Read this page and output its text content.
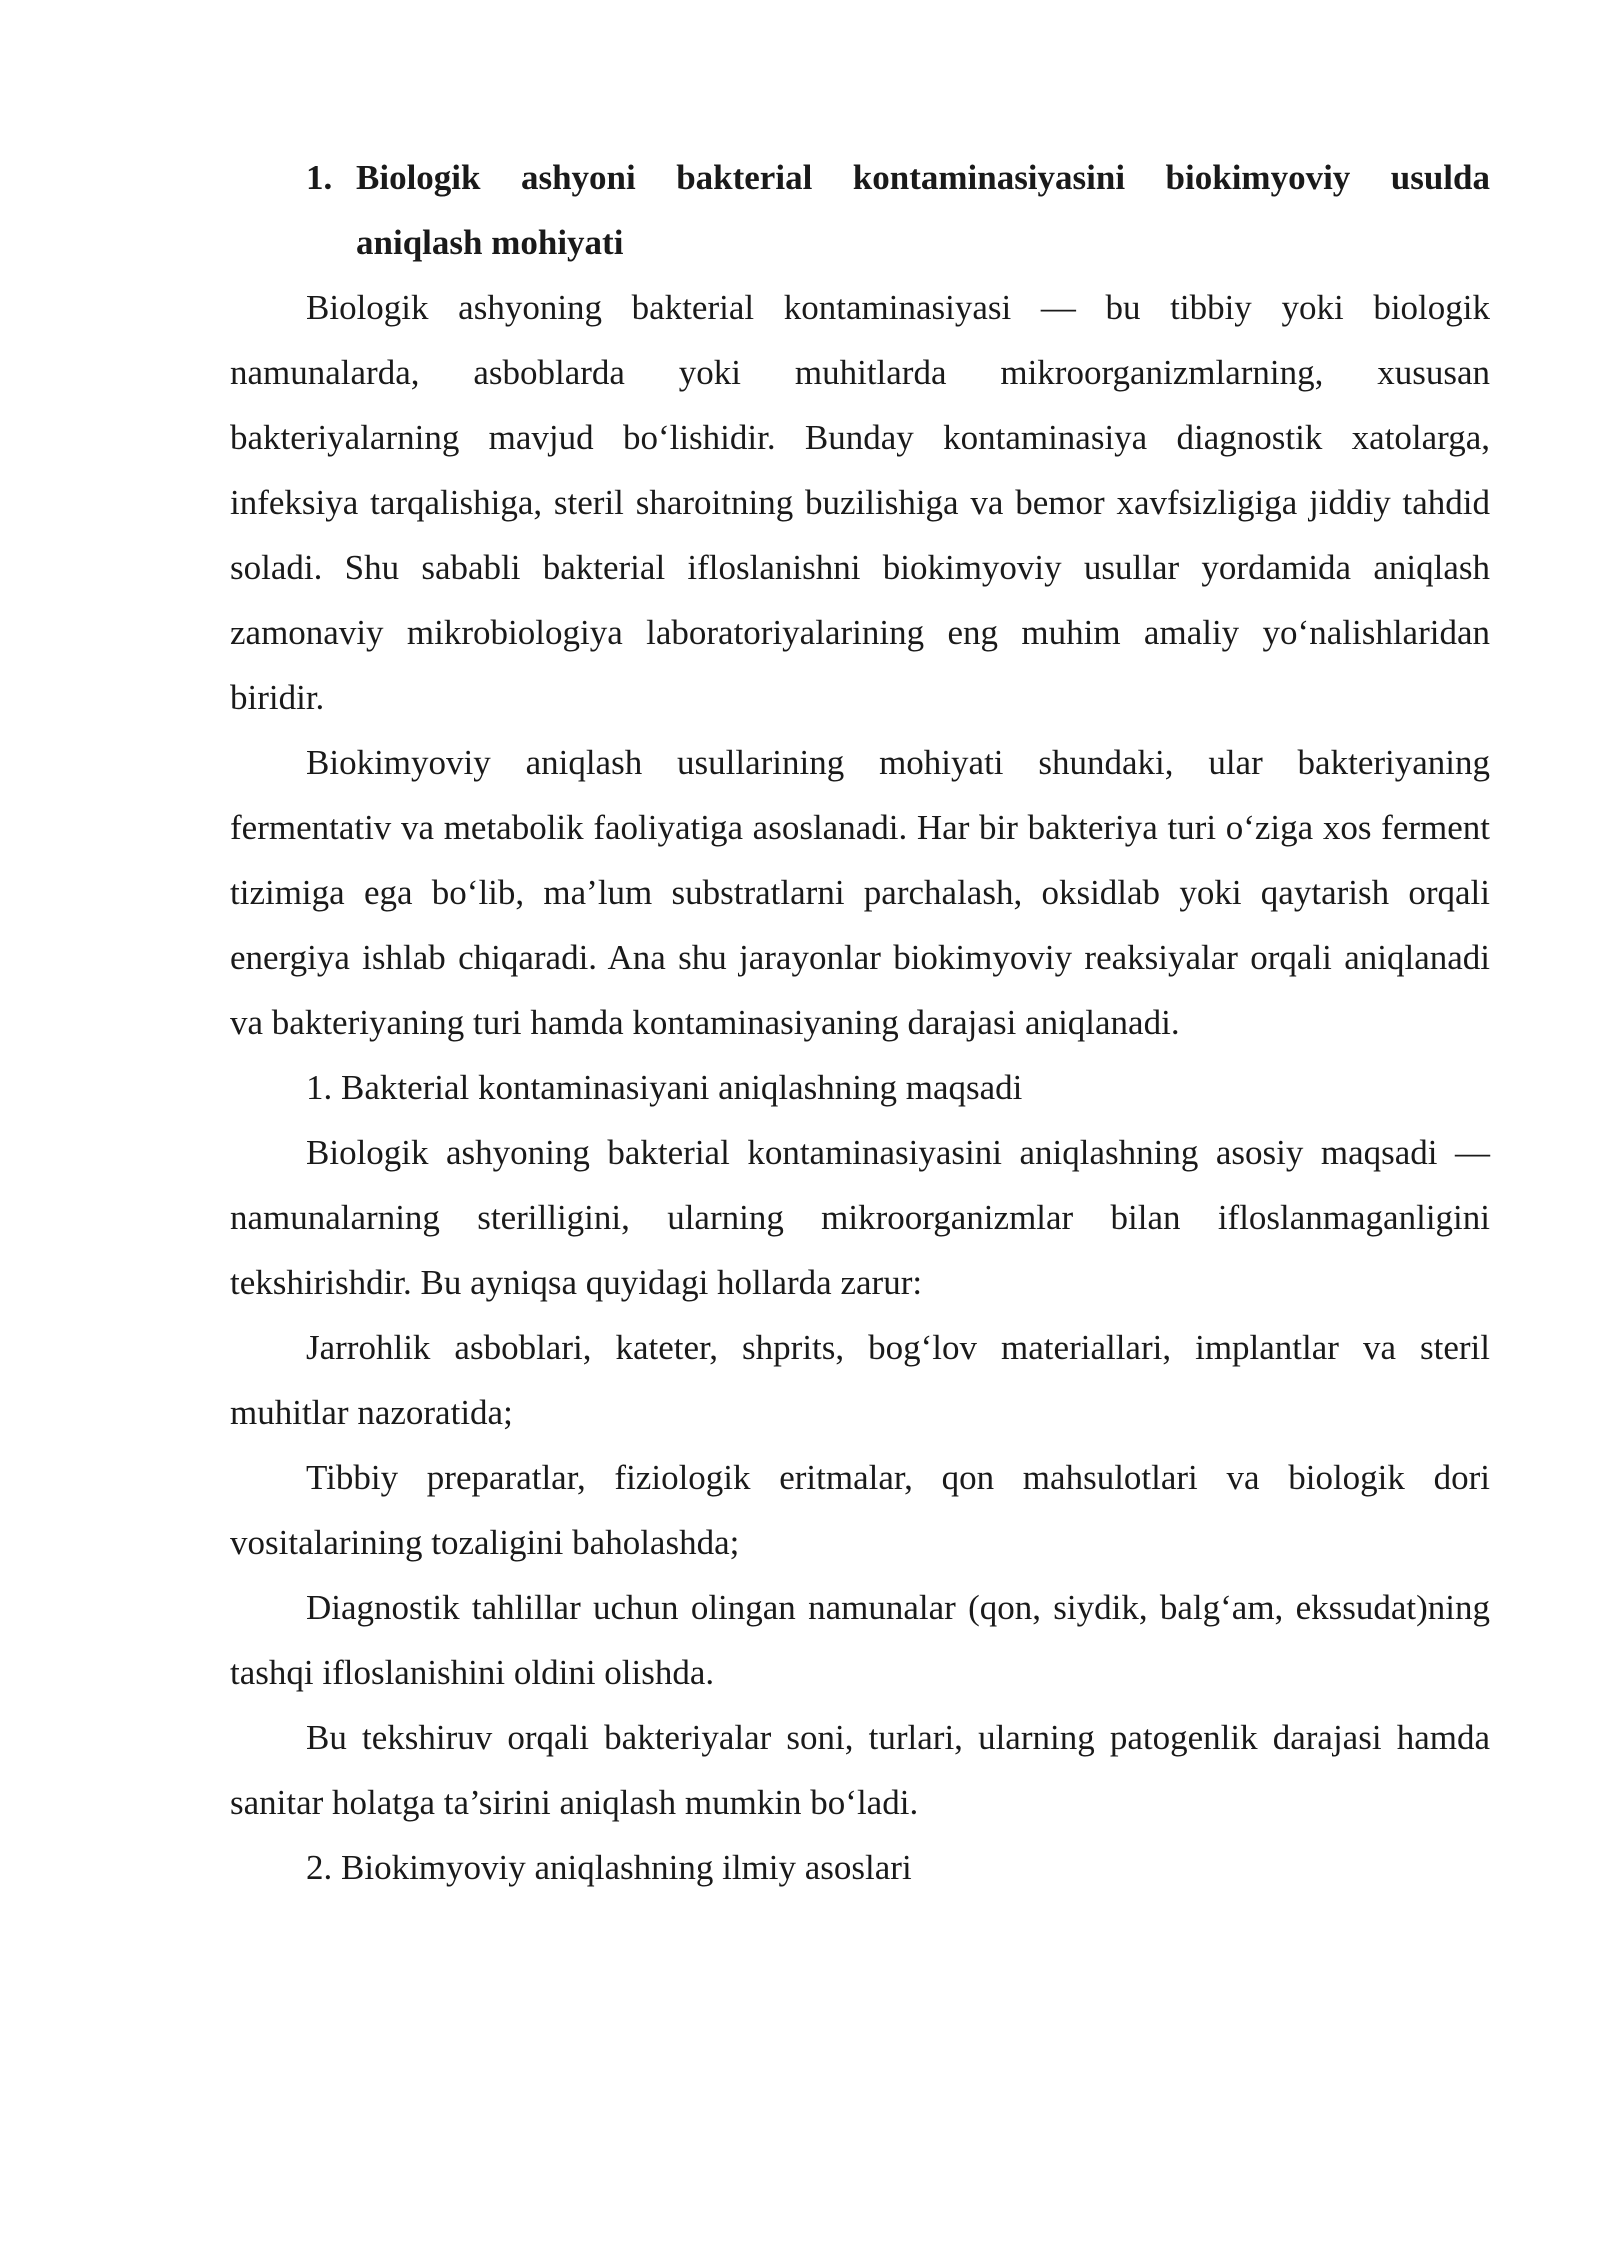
1. Biologik ashyoni bakterial kontaminasiyasini biokimyoviy usulda
aniqlash mohiyati

Biologik ashyoning bakterial kontaminasiyasi — bu tibbiy yoki biologik namunalarda, asboblarda yoki muhitlarda mikroorganizmlarning, xususan bakteriyalarning mavjud bo‘lishidir. Bunday kontaminasiya diagnostik xatolarga, infeksiya tarqalishiga, steril sharoitning buzilishiga va bemor xavfsizligiga jiddiy tahdid soladi. Shu sababli bakterial ifloslanishni biokimyoviy usullar yordamida aniqlash zamonaviy mikrobiologiya laboratoriyalarining eng muhim amaliy yo‘nalishlaridan biridir.

Biokimyoviy aniqlash usullarining mohiyati shundaki, ular bakteriyaning fermentativ va metabolik faoliyatiga asoslanadi. Har bir bakteriya turi o‘ziga xos ferment tizimiga ega bo‘lib, ma’lum substratlarni parchalash, oksidlab yoki qaytarish orqali energiya ishlab chiqaradi. Ana shu jarayonlar biokimyoviy reaksiyalar orqali aniqlanadi va bakteriyaning turi hamda kontaminasiyaning darajasi aniqlanadi.

1. Bakterial kontaminasiyani aniqlashning maqsadi

Biologik ashyoning bakterial kontaminasiyasini aniqlashning asosiy maqsadi — namunalarning sterilligini, ularning mikroorganizmlar bilan ifloslanmaganligini tekshirishdir. Bu ayniqsa quyidagi hollarda zarur:

Jarrohlik asboblari, kateter, shprits, bog‘lov materiallari, implantlar va steril muhitlar nazoratida;

Tibbiy preparatlar, fiziologik eritmalar, qon mahsulotlari va biologik dori vositalarining tozaligini baholashda;

Diagnostik tahlillar uchun olingan namunalar (qon, siydik, balg‘am, ekssudat)ning tashqi ifloslanishini oldini olishda.

Bu tekshiruv orqali bakteriyalar soni, turlari, ularning patogenlik darajasi hamda sanitar holatga ta’sirini aniqlash mumkin bo‘ladi.

2. Biokimyoviy aniqlashning ilmiy asoslari
